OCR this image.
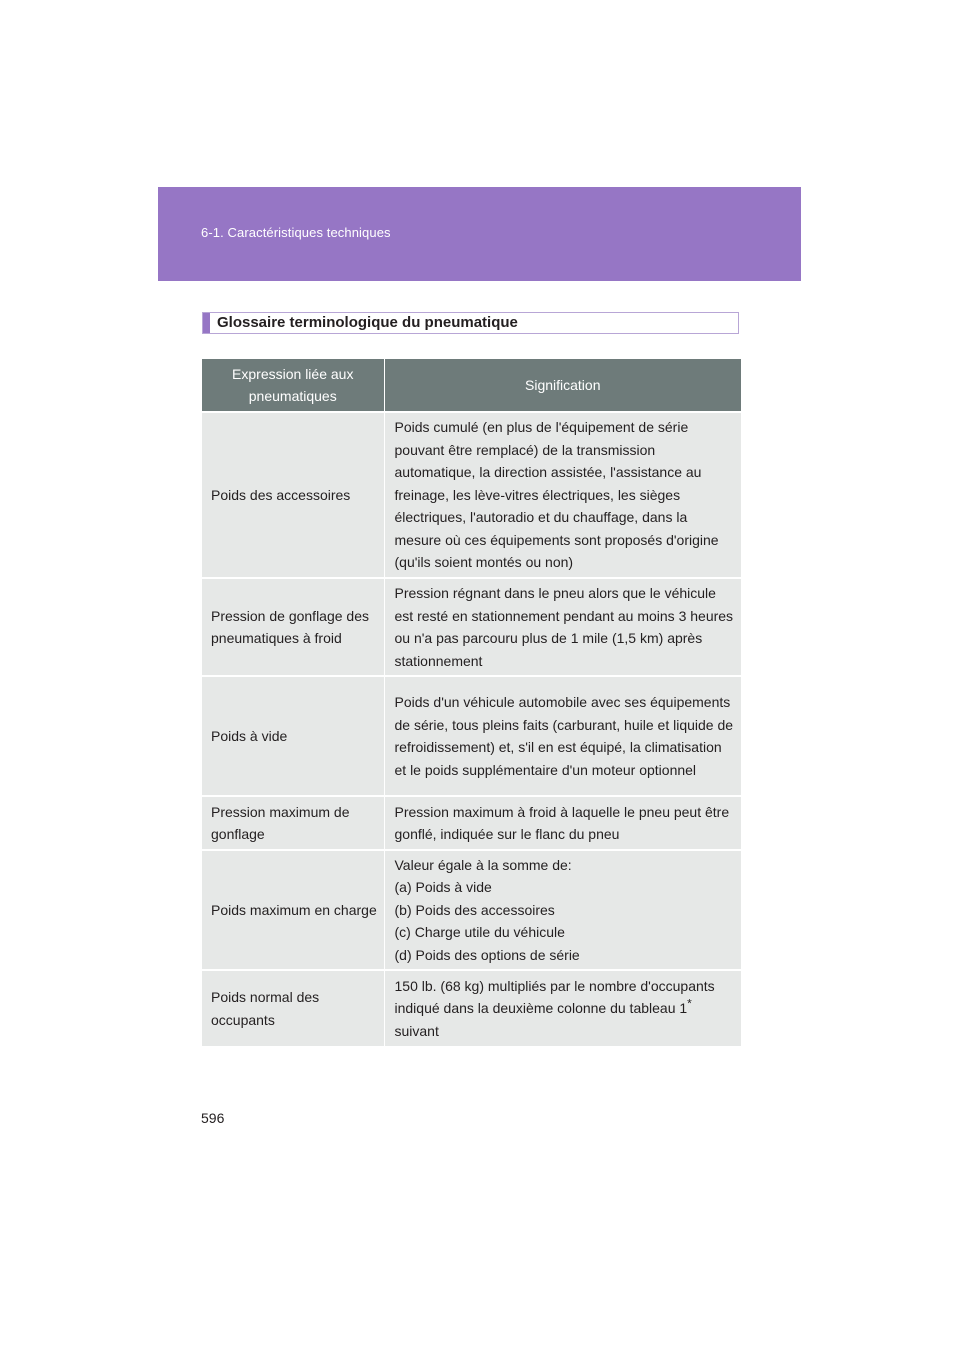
6-1. Caractéristiques techniques
Glossaire terminologique du pneumatique
Expression liée aux pneumatiques	Signification
Poids des accessoires	Poids cumulé (en plus de l'équipement de série pouvant être remplacé) de la transmission automatique, la direction assistée, l'assistance au freinage, les lève-vitres électriques, les sièges électriques, l'autoradio et du chauffage, dans la mesure où ces équipements sont proposés d'origine (qu'ils soient montés ou non)
Pression de gonflage des pneumatiques à froid	Pression régnant dans le pneu alors que le véhicule est resté en stationnement pendant au moins 3 heures ou n'a pas parcouru plus de 1 mile (1,5 km) après stationnement
Poids à vide	Poids d'un véhicule automobile avec ses équipements de série, tous pleins faits (carburant, huile et liquide de refroidissement) et, s'il en est équipé, la climatisation et le poids supplémentaire d'un moteur optionnel
Pression maximum de gonflage	Pression maximum à froid à laquelle le pneu peut être gonflé, indiquée sur le flanc du pneu
Poids maximum en charge	Valeur égale à la somme de:
(a) Poids à vide
(b) Poids des accessoires
(c) Charge utile du véhicule
(d) Poids des options de série

Poids normal des occupants	150 lb. (68 kg) multipliés par le nombre d'occupants indiqué dans la deuxième colonne du tableau 1*
suivant
596
